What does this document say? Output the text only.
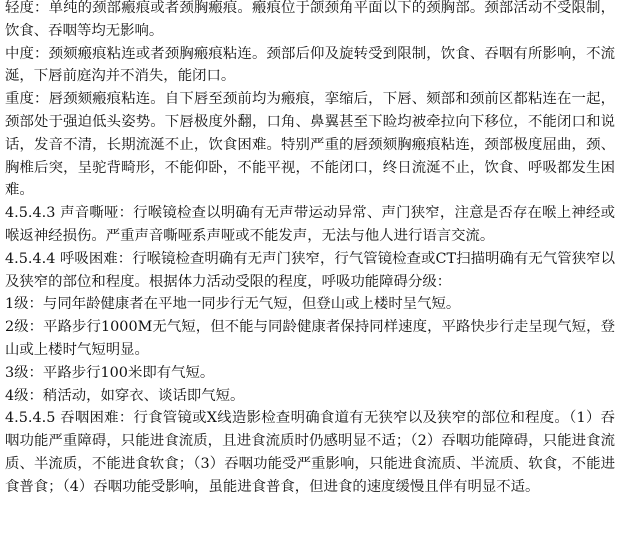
轻度：单纯的颈部瘢痕或者颈胸瘢痕。瘢痕位于颌颈角平面以下的颈胸部。颈部活动不受限制，饮食、吞咽等均无影响。

中度：颈颏瘢痕粘连或者颈胸瘢痕粘连。颈部后仰及旋转受到限制，饮食、吞咽有所影响，不流涎，下唇前庭沟并不消失，能闭口。

重度：唇颈颏瘢痕粘连。自下唇至颈前均为瘢痕，挛缩后，下唇、颏部和颈前区都粘连在一起，颈部处于强迫低头姿势。下唇极度外翻，口角、鼻翼甚至下睑均被牵拉向下移位，不能闭口和说话，发音不清，长期流涎不止，饮食困难。特别严重的唇颈颏胸瘢痕粘连，颈部极度屈曲，颈、胸椎后突，呈驼背畸形，不能仰卧，不能平视，不能闭口，终日流涎不止，饮食、呼吸都发生困难。

4.5.4.3 声音嘶哑：行喉镜检查以明确有无声带运动异常、声门狭窄，注意是否存在喉上神经或喉返神经损伤。严重声音嘶哑系声哑或不能发声，无法与他人进行语言交流。

4.5.4.4 呼吸困难：行喉镜检查明确有无声门狭窄，行气管镜检查或CT扫描明确有无气管狭窄以及狭窄的部位和程度。根据体力活动受限的程度，呼吸功能障碍分级：

1级：与同年龄健康者在平地一同步行无气短，但登山或上楼时呈气短。

2级：平路步行1000M无气短，但不能与同龄健康者保持同样速度，平路快步行走呈现气短，登山或上楼时气短明显。

3级：平路步行100米即有气短。

4级：稍活动，如穿衣、谈话即气短。

4.5.4.5 吞咽困难：行食管镜或X线造影检查明确食道有无狭窄以及狭窄的部位和程度。（1）吞咽功能严重障碍，只能进食流质，且进食流质时仍感明显不适；（2）吞咽功能障碍，只能进食流质、半流质，不能进食软食；（3）吞咽功能受严重影响，只能进食流质、半流质、软食，不能进食普食；（4）吞咽功能受影响，虽能进食普食，但进食的速度缓慢且伴有明显不适。
